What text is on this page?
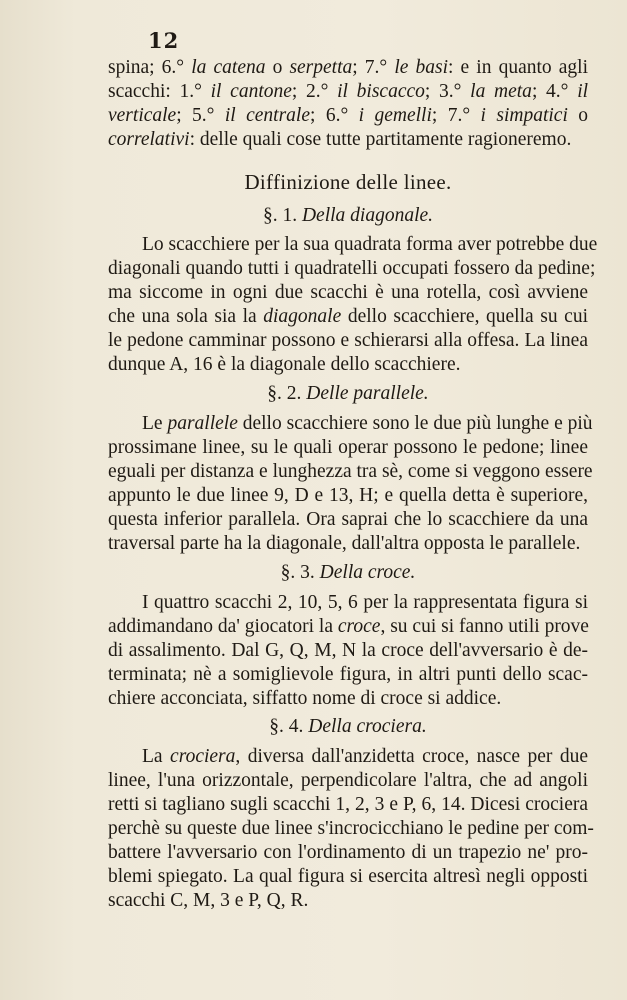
12
spina; 6.° la catena o serpetta; 7.° le basi: e in quanto agli
scacchi: 1.° il cantone; 2.° il biscacco; 3.° la meta; 4.° il
verticale; 5.° il centrale; 6.° i gemelli; 7.° i simpatici o
correlativi: delle quali cose tutte partitamente ragioneremo.
Diffinizione delle linee.
§. 1. Della diagonale.
Lo scacchiere per la sua quadrata forma aver potrebbe due
diagonali quando tutti i quadratelli occupati fossero da pedine;
ma siccome in ogni due scacchi è una rotella, così avviene
che una sola sia la diagonale dello scacchiere, quella su cui
le pedone camminar possono e schierarsi alla offesa. La linea
dunque A, 16 è la diagonale dello scacchiere.
§. 2. Delle parallele.
Le parallele dello scacchiere sono le due più lunghe e più
prossimane linee, su le quali operar possono le pedone; linee
eguali per distanza e lunghezza tra sè, come si veggono essere
appunto le due linee 9, D e 13, H; e quella detta è superiore,
questa inferior parallela. Ora saprai che lo scacchiere da una
traversal parte ha la diagonale, dall'altra opposta le parallele.
§. 3. Della croce.
I quattro scacchi 2, 10, 5, 6 per la rappresentata figura si
addimandano da' giocatori la croce, su cui si fanno utili prove
di assalimento. Dal G, Q, M, N la croce dell'avversario è de-
terminata; nè a somiglievole figura, in altri punti dello scac-
chiere acconciata, siffatto nome di croce si addice.
§. 4. Della crociera.
La crociera, diversa dall'anzidetta croce, nasce per due
linee, l'una orizzontale, perpendicolare l'altra, che ad angoli
retti si tagliano sugli scacchi 1, 2, 3 e P, 6, 14. Dicesi crociera
perchè su queste due linee s'incrocicchiano le pedine per com-
battere l'avversario con l'ordinamento di un trapezio ne' pro-
blemi spiegato. La qual figura si esercita altresì negli opposti
scacchi C, M, 3 e P, Q, R.
